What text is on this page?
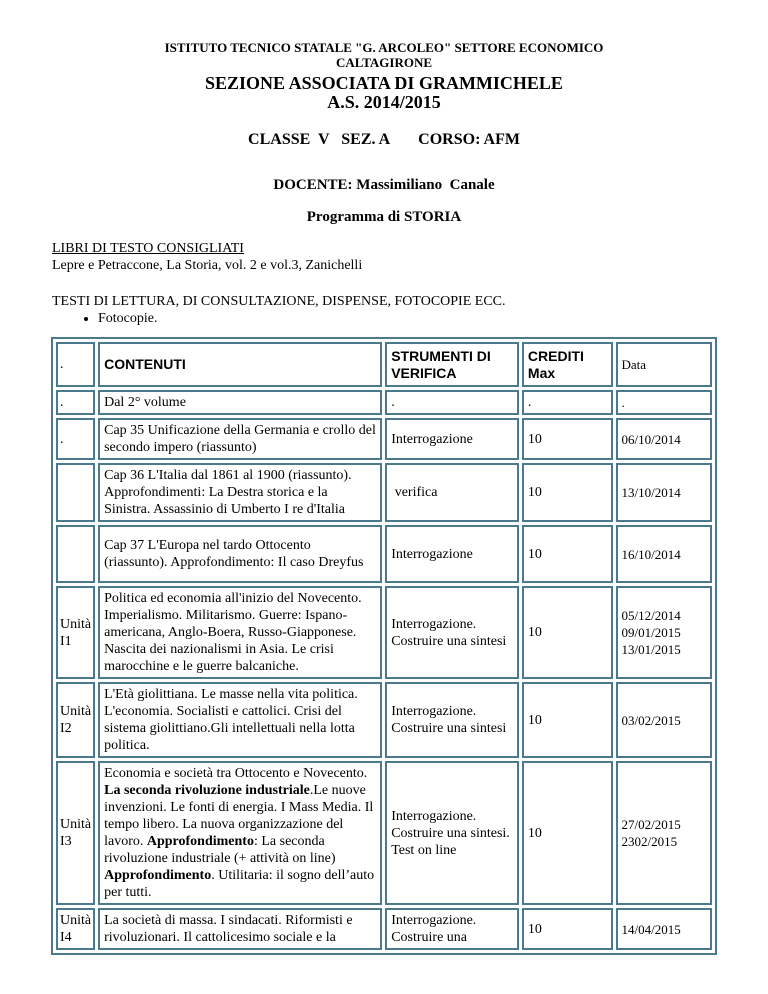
ISTITUTO TECNICO STATALE "G. ARCOLEO" SETTORE ECONOMICO
CALTAGIRONE
SEZIONE ASSOCIATA DI GRAMMICHELE
A.S. 2014/2015
CLASSE  V   SEZ. A CORSO: AFM
DOCENTE: Massimiliano  Canale
Programma di STORIA
LIBRI DI TESTO CONSIGLIATI
Lepre e Petraccone, La Storia, vol. 2 e vol.3, Zanichelli
TESTI DI LETTURA, DI CONSULTAZIONE, DISPENSE, FOTOCOPIE ECC.
• Fotocopie.
.	CONTENUTI	STRUMENTI DI VERIFICA	CREDITI Max	Data
.	Dal 2° volume	.	.	.
.	Cap 35 Unificazione della Germania e crollo del secondo impero (riassunto)	Interrogazione	10	06/10/2014
	Cap 36 L'Italia dal 1861 al 1900 (riassunto). Approfondimenti: La Destra storica e la Sinistra. Assassinio di Umberto I re d'Italia	verifica	10	13/10/2014
	Cap 37 L'Europa nel tardo Ottocento (riassunto). Approfondimento: Il caso Dreyfus	Interrogazione	10	16/10/2014
Unità I1	Politica ed economia all'inizio del Novecento. Imperialismo. Militarismo. Guerre: Ispano-americana, Anglo-Boera, Russo-Giapponese. Nascita dei nazionalismi in Asia. Le crisi marocchine e le guerre balcaniche.	Interrogazione. Costruire una sintesi	10	05/12/2014 09/01/2015 13/01/2015
Unità I2	L'Età giolittiana. Le masse nella vita politica. L'economia. Socialisti e cattolici. Crisi del sistema giolittiano.Gli intellettuali nella lotta politica.	Interrogazione. Costruire una sintesi	10	03/02/2015
Unità I3	Economia e società tra Ottocento e Novecento. La seconda rivoluzione industriale.Le nuove invenzioni. Le fonti di energia. I Mass Media. Il tempo libero. La nuova organizzazione del lavoro. Approfondimento: La seconda rivoluzione industriale (+ attività on line) Approfondimento. Utilitaria: il sogno dell’auto per tutti.	Interrogazione. Costruire una sintesi. Test on line	10	27/02/2015 2302/2015
Unità I4	La società di massa. I sindacati. Riformisti e rivoluzionari. Il cattolicesimo sociale e la	Interrogazione. Costruire una	10	14/04/2015
